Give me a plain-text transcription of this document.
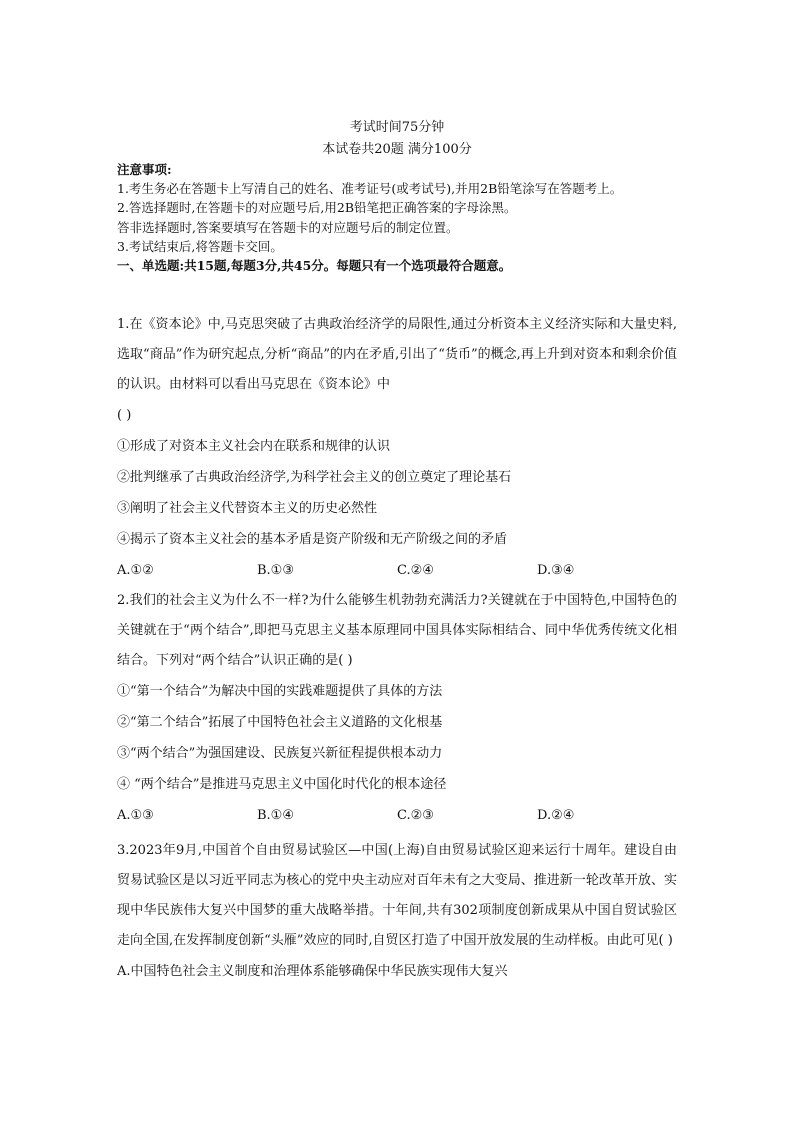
考试时间75分钟
本试卷共20题 满分100分
注意事项:
1.考生务必在答题卡上写清自己的姓名、准考证号(或考试号),并用2B铅笔涂写在答题考上。
2.答选择题时,在答题卡的对应题号后,用2B铅笔把正确答案的字母涂黑。
答非选择题时,答案要填写在答题卡的对应题号后的制定位置。
3.考试结束后,将答题卡交回。
一、单选题:共15题,每题3分,共45分。每题只有一个选项最符合题意。
1.在《资本论》中,马克思突破了古典政治经济学的局限性,通过分析资本主义经济实际和大量史料,选取“商品”作为研究起点,分析“商品”的内在矛盾,引出了“货币”的概念,再上升到对资本和剩余价值的认识。由材料可以看出马克思在《资本论》中
( )
①形成了对资本主义社会内在联系和规律的认识
②批判继承了古典政治经济学,为科学社会主义的创立奠定了理论基石
③阐明了社会主义代替资本主义的历史必然性
④揭示了资本主义社会的基本矛盾是资产阶级和无产阶级之间的矛盾
A.①②	B.①③	C.②④	D.③④
2.我们的社会主义为什么不一样?为什么能够生机勃勃充满活力?关键就在于中国特色,中国特色的关键就在于“两个结合”,即把马克思主义基本原理同中国具体实际相结合、同中华优秀传统文化相结合。下列对“两个结合”认识正确的是( )
①“第一个结合”为解决中国的实践难题提供了具体的方法
②“第二个结合”拓展了中国特色社会主义道路的文化根基
③“两个结合”为强国建设、民族复兴新征程提供根本动力
④ “两个结合”是推进马克思主义中国化时代化的根本途径
A.①③	B.①④	C.②③	D.②④
3.2023年9月,中国首个自由贸易试验区—中国(上海)自由贸易试验区迎来运行十周年。建设自由贸易试验区是以习近平同志为核心的党中央主动应对百年未有之大变局、推进新一轮改革开放、实现中华民族伟大复兴中国梦的重大战略举措。十年间,共有302项制度创新成果从中国自贸试验区走向全国,在发挥制度创新“头雁”效应的同时,自贸区打造了中国开放发展的生动样板。由此可见( )
A.中国特色社会主义制度和治理体系能够确保中华民族实现伟大复兴
